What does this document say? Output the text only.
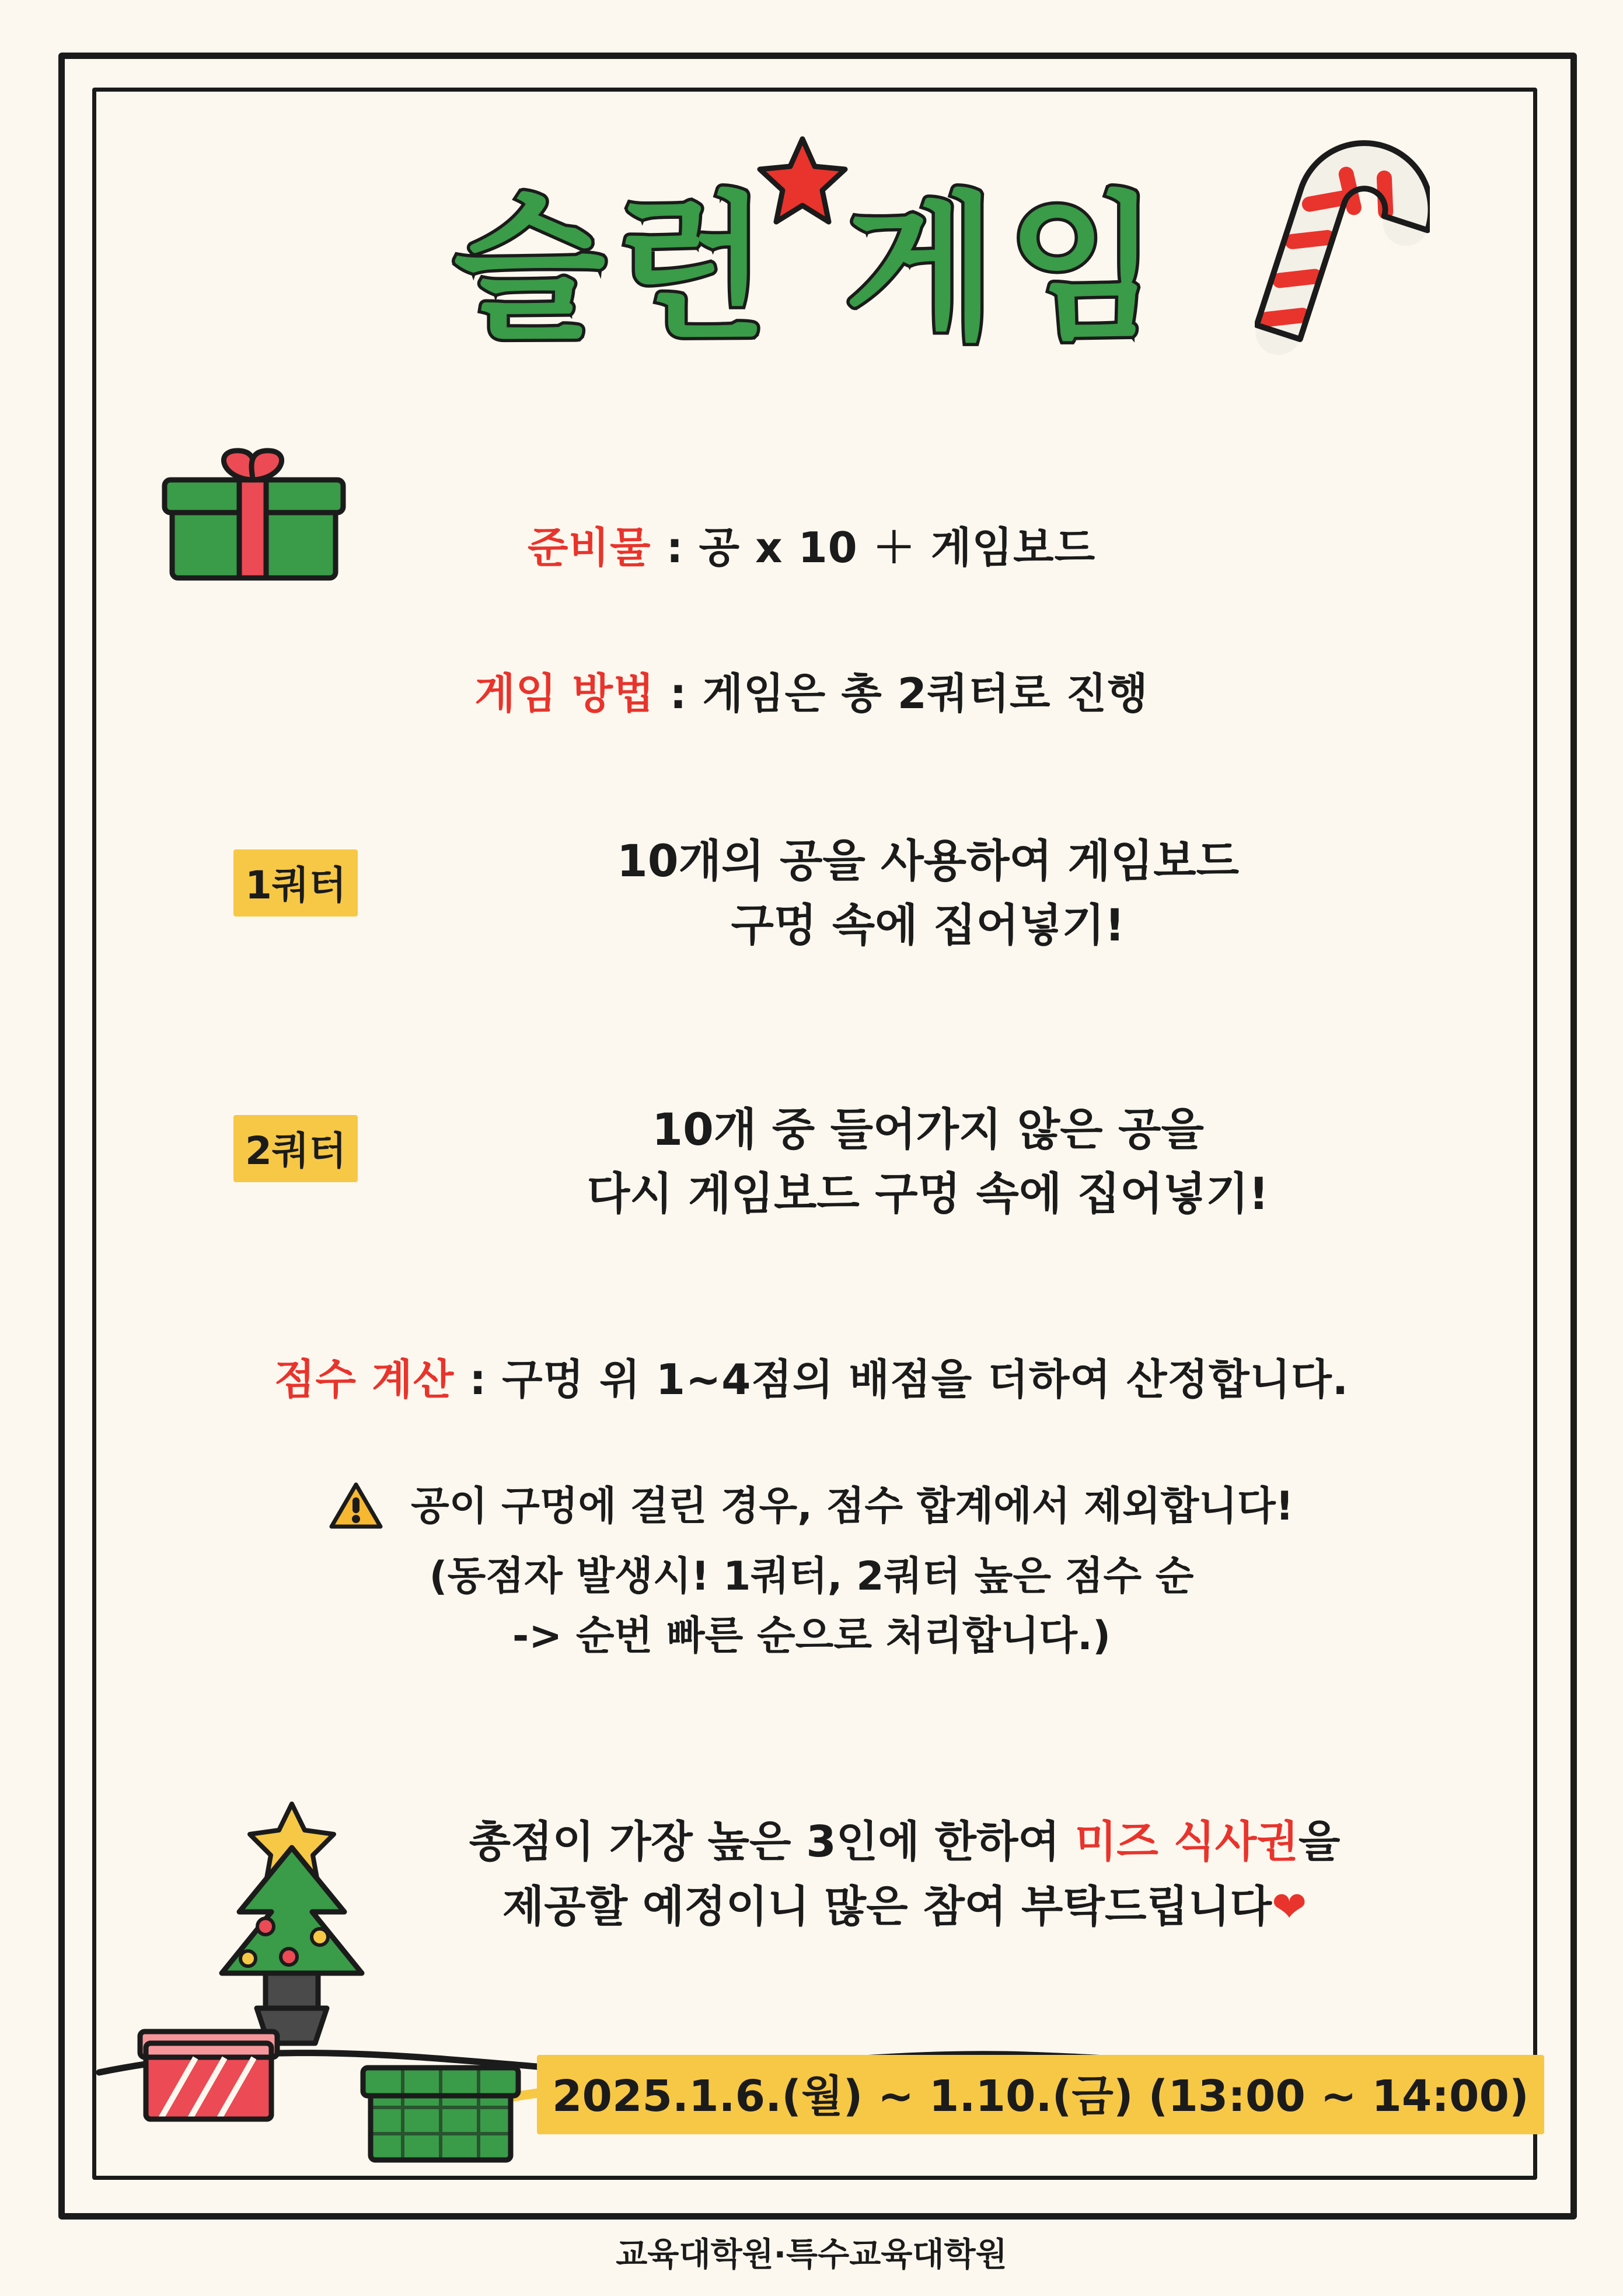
슬런 게임
준비물 : 공 x 10 ＋ 게임보드
게임 방법 : 게임은 총 2쿼터로 진행
1쿼터	10개의 공을 사용하여 게임보드
구멍 속에 집어넣기!
2쿼터	10개 중 들어가지 않은 공을
다시 게임보드 구멍 속에 집어넣기!
점수 계산 : 구멍 위 1~4점의 배점을 더하여 산정합니다.
공이 구멍에 걸린 경우, 점수 합계에서 제외합니다!
(동점자 발생시! 1쿼터, 2쿼터 높은 점수 순
-> 순번 빠른 순으로 처리합니다.)
총점이 가장 높은 3인에 한하여 미즈 식사권을
제공할 예정이니 많은 참여 부탁드립니다❤
2025.1.6.(월) ~ 1.10.(금) (13:00 ~ 14:00)
교육대학원·특수교육대학원
